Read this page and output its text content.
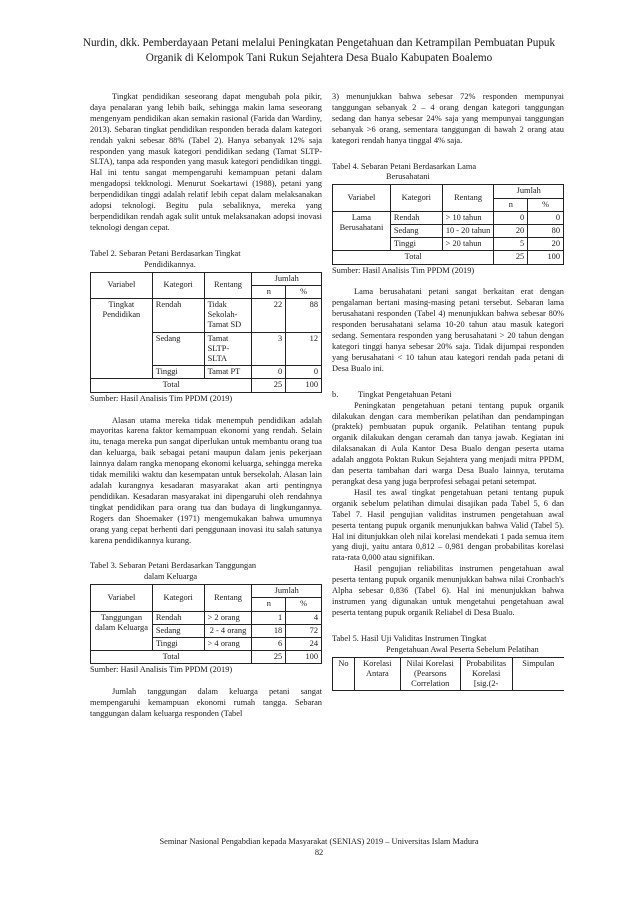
Nurdin, dkk. Pemberdayaan Petani melalui Peningkatan Pengetahuan dan Ketrampilan Pembuatan Pupuk
Organik di Kelompok Tani Rukun Sejahtera Desa Bualo Kabupaten Boalemo

Tingkat pendidikan seseorang dapat mengubah pola pikir, daya penalaran yang lebih baik, sehingga makin lama seseorang mengenyam pendidikan akan semakin rasional (Farida dan Wardiny, 2013). Sebaran tingkat pendidikan responden berada dalam kategori rendah yakni sebesar 88% (Tabel 2). Hanya sebanyak 12% saja responden yang masuk kategori pendidikan sedang (Tamat SLTP-SLTA), tanpa ada responden yang masuk kategori pendidikan tinggi. Hal ini tentu sangat mempengaruhi kemampuan petani dalam mengadopsi tekknologi. Menurut Soekartawi (1988), petani yang berpendidikan tinggi adalah relatif lebih cepat dalam melaksanakan adopsi teknologi. Begitu pula sebaliknya, mereka yang berpendidikan rendah agak sulit untuk melaksanakan adopsi inovasi teknologi dengan cepat.

Tabel 2. Sebaran Petani Berdasarkan Tingkat
Pendidikannya.

Variabel	Kategori	Rentang	Jumlah	
			n	%
Tingkat Pendidikan	Rendah	Tidak Sekolah-Tamat SD	22	88
	Sedang	Tamat SLTP-SLTA	3	12
	Tinggi	Tamat PT	0	0
Total			25	100
Sumber: Hasil Analisis Tim PPDM (2019)

Alasan utama mereka tidak menempuh pendidikan adalah mayoritas karena faktor kemampuan ekonomi yang rendah. Selain itu, tenaga mereka pun sangat diperlukan untuk membantu orang tua dan keluarga, baik sebagai petani maupun dalam jenis pekerjaan lainnya dalam rangka menopang ekonomi keluarga, sehingga mereka tidak memiliki waktu dan kesempatan untuk bersekolah. Alasan lain adalah kurangnya kesadaran masyarakat akan arti pentingnya pendidikan. Kesadaran masyarakat ini dipengaruhi oleh rendahnya tingkat pendidikan para orang tua dan budaya di lingkungannya. Rogers dan Shoemaker (1971) mengemukakan bahwa umumnya orang yang cepat berhenti dari penggunaan inovasi itu salah satunya karena pendidikannya kurang.

Tabel 3. Sebaran Petani Berdasarkan Tanggungan
dalam Keluarga

Variabel	Kategori	Rentang	Jumlah	
			n	%
Tanggungan dalam Keluarga	Rendah	> 2 orang	1	4
	Sedang	2 - 4 orang	18	72
	Tinggi	> 4 orang	6	24
Total			25	100
Sumber: Hasil Analisis Tim PPDM (2019)

Jumlah tanggungan dalam keluarga petani sangat mempengaruhi kemampuan ekonomi rumah tangga. Sebaran tanggungan dalam keluarga responden (Tabel

3) menunjukkan bahwa sebesar 72% responden mempunyai tanggungan sebanyak 2 – 4 orang dengan kategori tanggungan sedang dan hanya sebesar 24% saja yang mempunyai tanggungan sebanyak >6 orang, sementara tanggungan di bawah 2 orang atau kategori rendah hanya tinggal 4% saja.

Tabel 4. Sebaran Petani Berdasarkan Lama
Berusahatani

Variabel	Kategori	Rentang	Jumlah	
			n	%
Lama Berusahatani	Rendah	> 10 tahun	0	0
	Sedang	10 - 20 tahun	20	80
	Tinggi	> 20 tahun	5	20
Total			25	100
Sumber: Hasil Analisis Tim PPDM (2019)

Lama berusahatani petani sangat berkaitan erat dengan pengalaman bertani masing-masing petani tersebut. Sebaran lama berusahatani responden (Tabel 4) menunjukkan bahwa sebesar 80% responden berusahatani selama 10-20 tahun atau masuk kategori sedang. Sementara responden yang berusahatani > 20 tahun dengan kategori tinggi hanya sebesar 20% saja. Tidak dijumpai responden yang berusahatani < 10 tahun atau kategori rendah pada petani di Desa Bualo ini.

b.	Tingkat Pengetahuan Petani

Peningkatan pengetahuan petani tentang pupuk organik dilakukan dengan cara memberikan pelatihan dan pendampingan (praktek) pembuatan pupuk organik. Pelatihan tentang pupuk organik dilakukan dengan ceramah dan tanya jawab. Kegiatan ini dilaksanakan di Aula Kantor Desa Bualo dengan peserta utama adalah anggota Poktan Rukun Sejahtera yang menjadi mitra PPDM, dan peserta tambahan dari warga Desa Bualo lainnya, terutama perangkat desa yang juga berprofesi sebagai petani setempat.

Hasil tes awal tingkat pengetahuan petani tentang pupuk organik sebelum pelatihan dimulai disajikan pada Tabel 5, 6 dan Tabel 7. Hasil pengujian validitas instrumen pengetahuan awal peserta tentang pupuk organik menunjukkan bahwa Valid (Tabel 5). Hal ini ditunjukkan oleh nilai korelasi mendekati 1 pada semua item yang diuji, yaitu antara 0,812 – 0,981 dengan probabilitas korelasi rata-rata 0,000 atau signifikan.

Hasil pengujian reliabilitas instrumen pengetahuan awal peserta tentang pupuk organik menunjukkan bahwa nilai Cronbach's Alpha sebesar 0,836 (Tabel 6). Hal ini menunjukkan bahwa instrumen yang digunakan untuk mengetahui pengetahuan awal peserta tentang pupuk organik Reliabel di Desa Bualo.

Tabel 5. Hasil Uji Validitas Instrumen Tingkat
Pengetahuan Awal Peserta Sebelum Pelatihan

No	Korelasi Antara	Nilai Korelasi (Pearsons Correlation	Probabilitas Korelasi [sig.(2-	Simpulan
Seminar Nasional Pengabdian kepada Masyarakat (SENIAS) 2019 – Universitas Islam Madura
82
